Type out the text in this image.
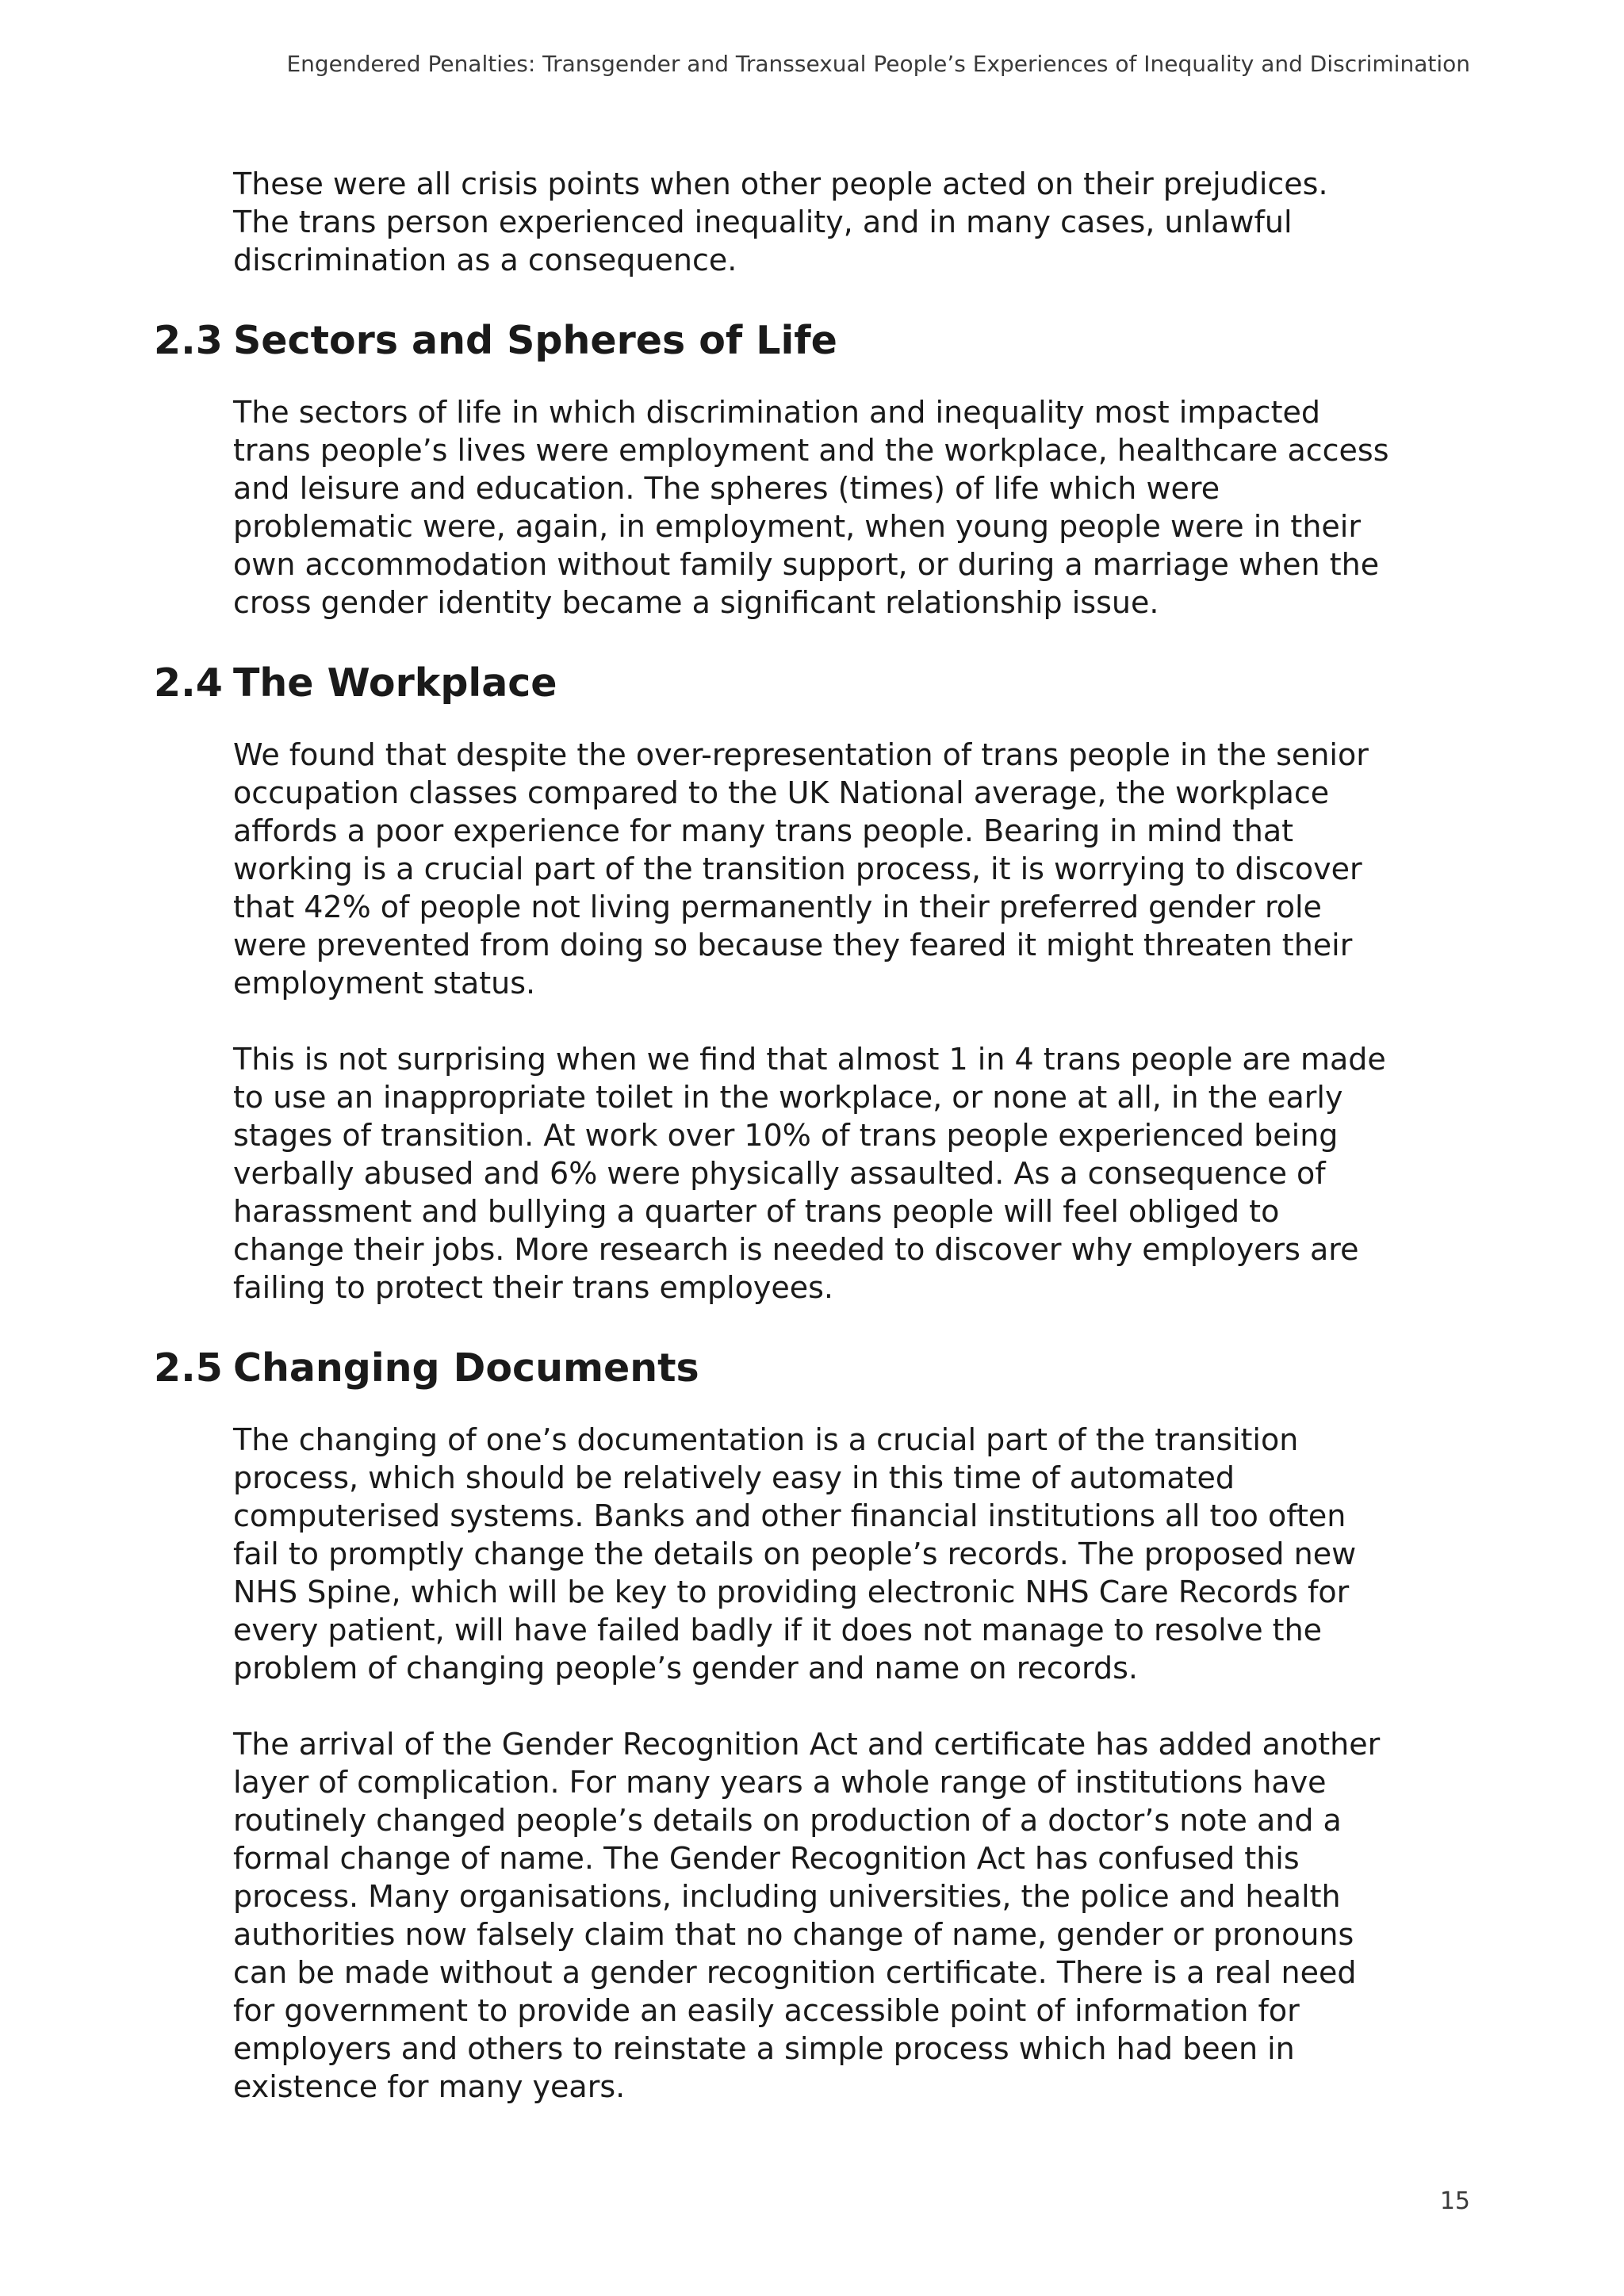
Engendered Penalties: Transgender and Transsexual People’s Experiences of Inequality and Discrimination

These were all crisis points when other people acted on their prejudices. The trans person experienced inequality, and in many cases, unlawful discrimination as a consequence.

2.3 Sectors and Spheres of Life

The sectors of life in which discrimination and inequality most impacted trans people’s lives were employment and the workplace, healthcare access and leisure and education. The spheres (times) of life which were problematic were, again, in employment, when young people were in their own accommodation without family support, or during a marriage when the cross gender identity became a significant relationship issue.

2.4 The Workplace

We found that despite the over-representation of trans people in the senior occupation classes compared to the UK National average, the workplace affords a poor experience for many trans people. Bearing in mind that working is a crucial part of the transition process, it is worrying to discover that 42% of people not living permanently in their preferred gender role were prevented from doing so because they feared it might threaten their employment status.

This is not surprising when we find that almost 1 in 4 trans people are made to use an inappropriate toilet in the workplace, or none at all, in the early stages of transition. At work over 10% of trans people experienced being verbally abused and 6% were physically assaulted. As a consequence of harassment and bullying a quarter of trans people will feel obliged to change their jobs. More research is needed to discover why employers are failing to protect their trans employees.

2.5 Changing Documents

The changing of one’s documentation is a crucial part of the transition process, which should be relatively easy in this time of automated computerised systems. Banks and other financial institutions all too often fail to promptly change the details on people’s records. The proposed new NHS Spine, which will be key to providing electronic NHS Care Records for every patient, will have failed badly if it does not manage to resolve the problem of changing people’s gender and name on records.

The arrival of the Gender Recognition Act and certificate has added another layer of complication. For many years a whole range of institutions have routinely changed people’s details on production of a doctor’s note and a formal change of name. The Gender Recognition Act has confused this process. Many organisations, including universities, the police and health authorities now falsely claim that no change of name, gender or pronouns can be made without a gender recognition certificate. There is a real need for government to provide an easily accessible point of information for employers and others to reinstate a simple process which had been in existence for many years.

15
